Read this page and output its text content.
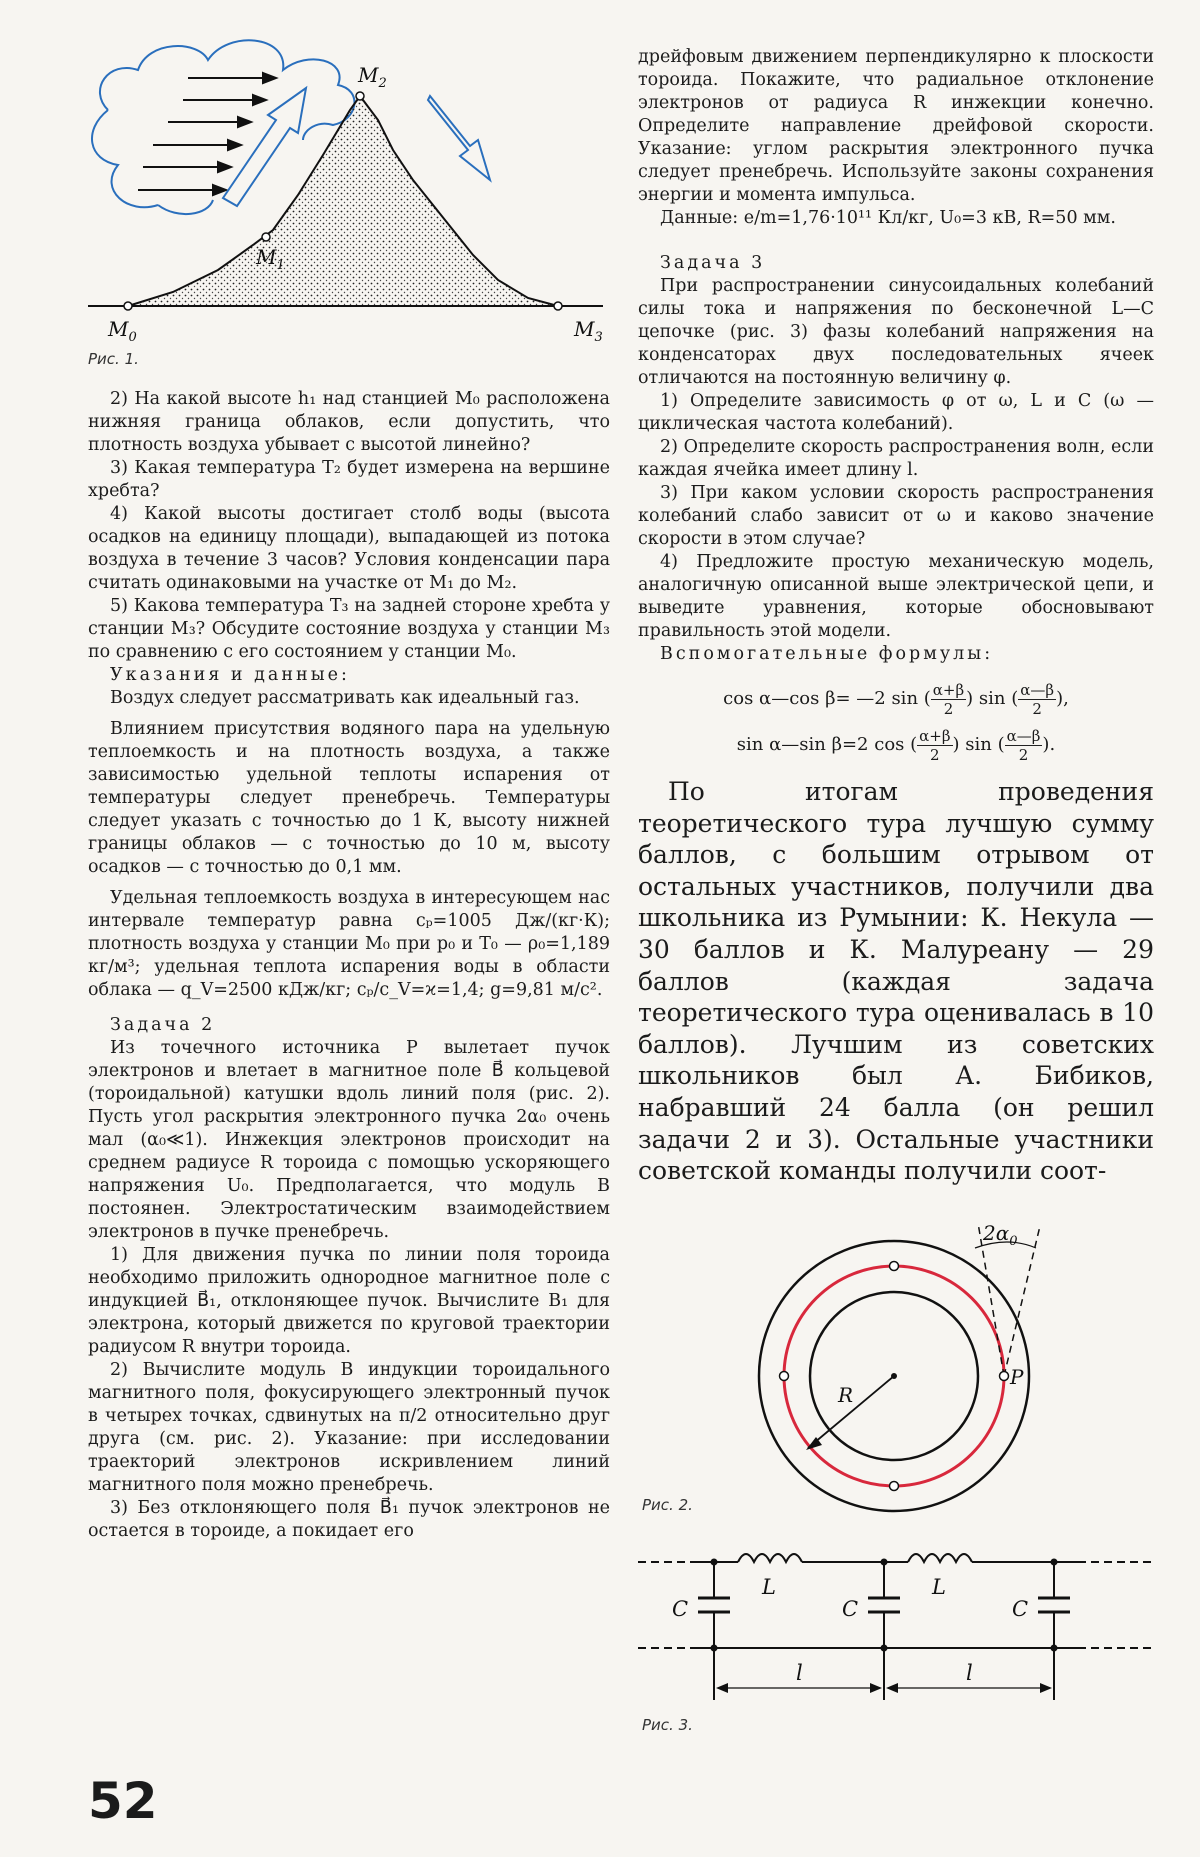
$M_0$
$M_1$
$M_2$
$M_3$

Рис. 1.

2) На какой высоте h₁ над станцией M₀ расположена нижняя граница облаков, если допустить, что плотность воздуха убывает с высотой линейно?

3) Какая температура T₂ будет измерена на вершине хребта?

4) Какой высоты достигает столб воды (высота осадков на единицу площади), выпадающей из потока воздуха в течение 3 часов? Условия конденсации пара считать одинаковыми на участке от M₁ до M₂.

5) Какова температура T₃ на задней стороне хребта у станции M₃? Обсудите состояние воздуха у станции M₃ по сравнению с его состоянием у станции M₀.

Указания и данные:

Воздух следует рассматривать как идеальный газ.

Влиянием присутствия водяного пара на удельную теплоемкость и на плотность воздуха, а также зависимостью удельной теплоты испарения от температуры следует пренебречь. Температуры следует указать с точностью до 1 К, высоту нижней границы облаков — с точностью до 10 м, высоту осадков — с точностью до 0,1 мм.

Удельная теплоемкость воздуха в интересующем нас интервале температур равна cₚ=1005 Дж/(кг·К); плотность воздуха у станции M₀ при p₀ и T₀ — ρ₀=1,189 кг/м³; удельная теплота испарения воды в области облака — q_V=2500 кДж/кг; cₚ/c_V=ϰ=1,4; g=9,81 м/с².

Задача 2

Из точечного источника P вылетает пучок электронов и влетает в магнитное поле B⃗ кольцевой (тороидальной) катушки вдоль линий поля (рис. 2). Пусть угол раскрытия электронного пучка 2α₀ очень мал (α₀≪1). Инжекция электронов происходит на среднем радиусе R тороида с помощью ускоряющего напряжения U₀. Предполагается, что модуль B постоянен. Электростатическим взаимодействием электронов в пучке пренебречь.

1) Для движения пучка по линии поля тороида необходимо приложить однородное магнитное поле с индукцией B⃗₁, отклоняющее пучок. Вычислите B₁ для электрона, который движется по круговой траектории радиусом R внутри тороида.

2) Вычислите модуль B индукции тороидального магнитного поля, фокусирующего электронный пучок в четырех точках, сдвинутых на π/2 относительно друг друга (см. рис. 2). Указание: при исследовании траекторий электронов искривлением линий магнитного поля можно пренебречь.

3) Без отклоняющего поля B⃗₁ пучок электронов не остается в тороиде, а покидает его

дрейфовым движением перпендикулярно к плоскости тороида. Покажите, что радиальное отклонение электронов от радиуса R инжекции конечно. Определите направление дрейфовой скорости. Указание: углом раскрытия электронного пучка следует пренебречь. Используйте законы сохранения энергии и момента импульса.

Данные: e/m=1,76·10¹¹ Кл/кг, U₀=3 кВ, R=50 мм.

Задача 3

При распространении синусоидальных колебаний силы тока и напряжения по бесконечной L—C цепочке (рис. 3) фазы колебаний напряжения на конденсаторах двух последовательных ячеек отличаются на постоянную величину φ.

1) Определите зависимость φ от ω, L и C (ω — циклическая частота колебаний).

2) Определите скорость распространения волн, если каждая ячейка имеет длину l.

3) При каком условии скорость распространения колебаний слабо зависит от ω и каково значение скорости в этом случае?

4) Предложите простую механическую модель, аналогичную описанной выше электрической цепи, и выведите уравнения, которые обосновывают правильность этой модели.

Вспомогательные формулы:

cos α—cos β= —2 sin ( $\frac{\alpha+\beta}{2}$ ) sin ( $\frac{\alpha—\beta}{2}$ ),

sin α—sin β=2 cos ( $\frac{\alpha+\beta}{2}$ ) sin ( $\frac{\alpha—\beta}{2}$ ).

По итогам проведения теоретического тура лучшую сумму баллов, с большим отрывом от остальных участников, получили два школьника из Румынии: К. Некула — 30 баллов и К. Малуреану — 29 баллов (каждая задача теоретического тура оценивалась в 10 баллов). Лучшим из советских школьников был А. Бибиков, набравший 24 балла (он решил задачи 2 и 3). Остальные участники советской команды получили соот-

$2\alpha_0$
R
P

Рис. 2.

C	C	C
L	L
l	l

Рис. 3.

52
